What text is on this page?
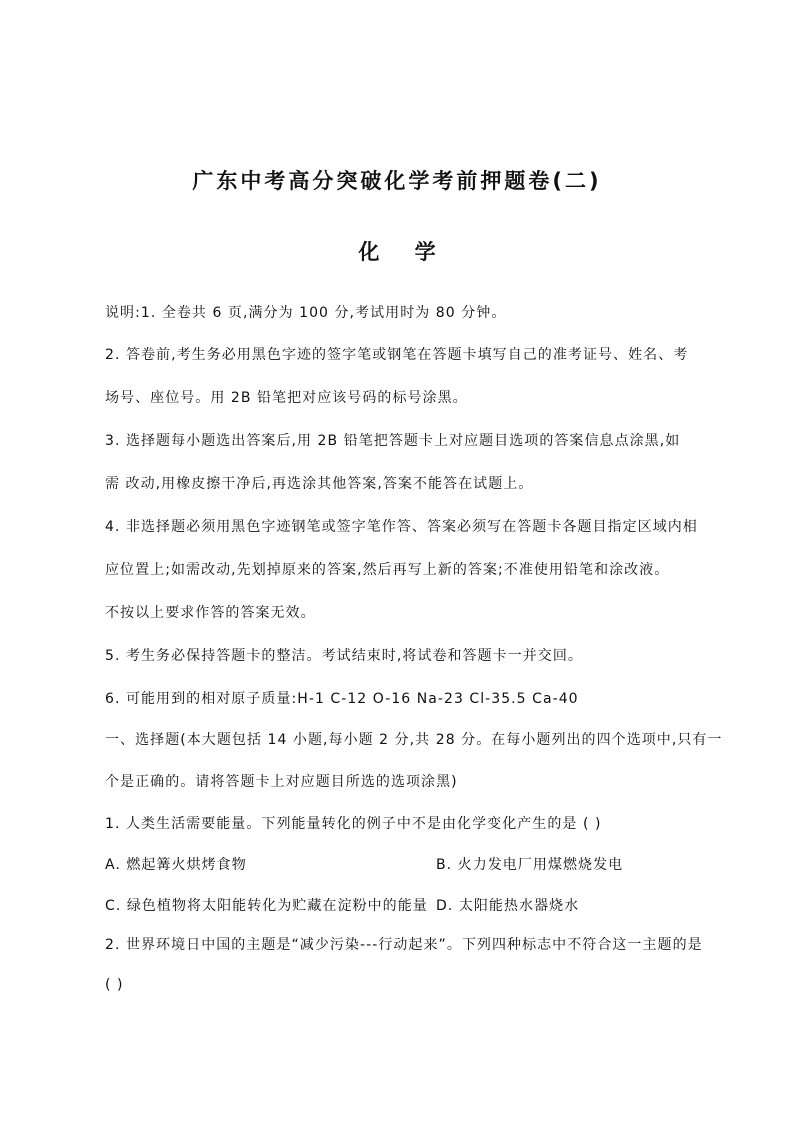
广东中考高分突破化学考前押题卷(二)
化 学
说明:1. 全卷共 6 页,满分为 100 分,考试用时为 80 分钟。
2. 答卷前,考生务必用黑色字迹的签字笔或钢笔在答题卡填写自己的准考证号、姓名、考
场号、座位号。用 2B 铅笔把对应该号码的标号涂黑。
3. 选择题每小题选出答案后,用 2B 铅笔把答题卡上对应题目选项的答案信息点涂黑,如
需 改动,用橡皮擦干净后,再选涂其他答案,答案不能答在试题上。
4. 非选择题必须用黑色字迹钢笔或签字笔作答、答案必须写在答题卡各题目指定区域内相
应位置上;如需改动,先划掉原来的答案,然后再写上新的答案;不准使用铅笔和涂改液。
不按以上要求作答的答案无效。
5. 考生务必保持答题卡的整洁。考试结束时,将试卷和答题卡一并交回。
6. 可能用到的相对原子质量:H-1 C-12 O-16 Na-23 Cl-35.5 Ca-40
一、选择题(本大题包括 14 小题,每小题 2 分,共 28 分。在每小题列出的四个选项中,只有一
个是正确的。请将答题卡上对应题目所选的选项涂黑)
1. 人类生活需要能量。下列能量转化的例子中不是由化学变化产生的是 ( )
A. 燃起篝火烘烤食物	B. 火力发电厂用煤燃烧发电
C. 绿色植物将太阳能转化为贮藏在淀粉中的能量 D. 太阳能热水器烧水
2. 世界环境日中国的主题是“减少污染---行动起来”。下列四种标志中不符合这一主题的是
( )
